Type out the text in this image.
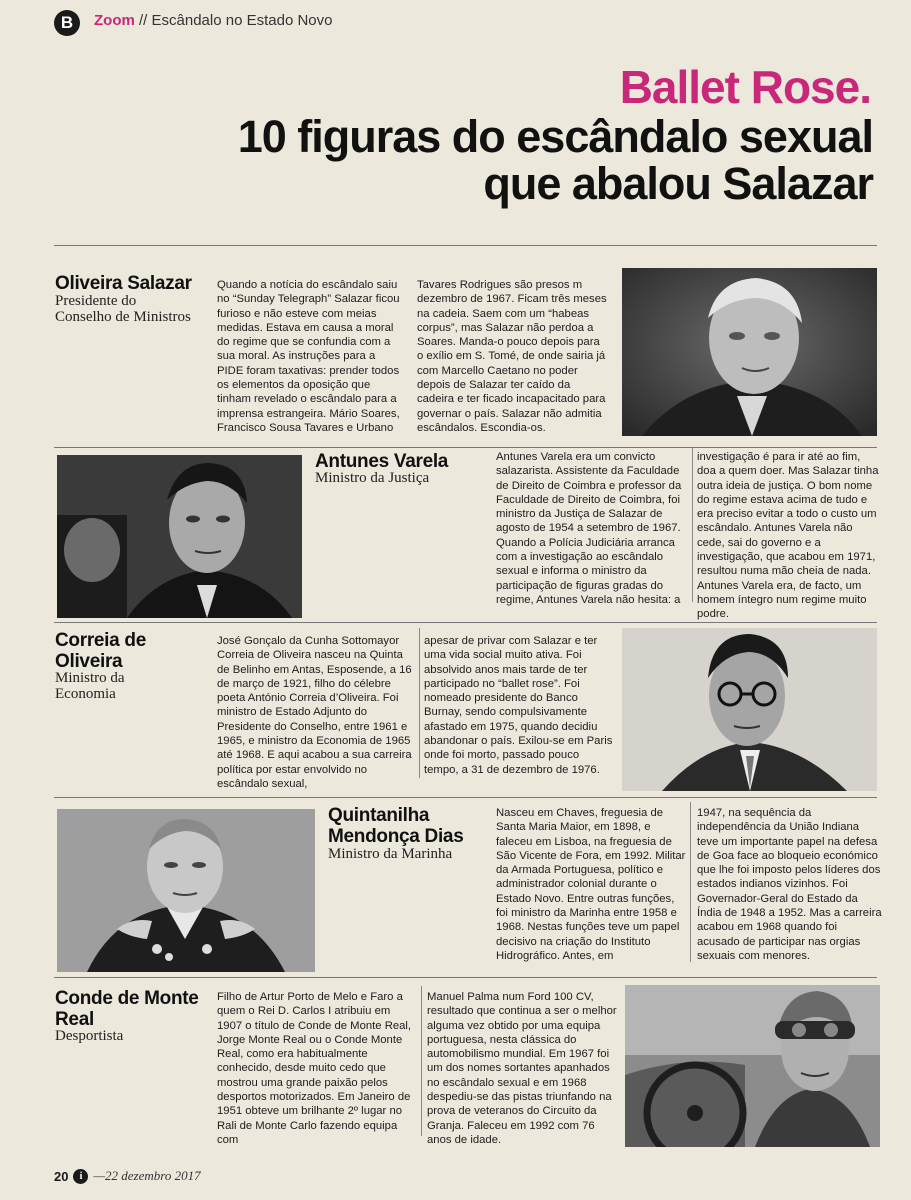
B	Zoom // Escândalo no Estado Novo
Ballet Rose.
10 figuras do escândalo sexual que abalou Salazar
Oliveira Salazar
Presidente do Conselho de Ministros
Quando a notícia do escândalo saiu no “Sunday Telegraph” Salazar ficou furioso e não esteve com meias medidas. Estava em causa a moral do regime que se confundia com a sua moral. As instruções para a PIDE foram taxativas: prender todos os elementos da oposição que tinham revelado o escândalo para a imprensa estrangeira. Mário Soares, Francisco Sousa Tavares e Urbano
Tavares Rodrigues são presos m dezembro de 1967. Ficam três meses na cadeia. Saem com um “habeas corpus”, mas Salazar não perdoa a Soares. Manda-o pouco depois para o exílio em S. Tomé, de onde sairia já com Marcello Caetano no poder depois de Salazar ter caído da cadeira e ter ficado incapacitado para governar o país. Salazar não admitia escândalos. Escondia-os.
Antunes Varela
Ministro da Justiça
Antunes Varela era um convicto salazarista. Assistente da Faculdade de Direito de Coimbra e professor da Faculdade de Direito de Coimbra, foi ministro da Justiça de Salazar de agosto de 1954 a setembro de 1967. Quando a Polícia Judiciária arranca com a investigação ao escândalo sexual e informa o ministro da participação de figuras gradas do regime, Antunes Varela não hesita: a
investigação é para ir até ao fim, doa a quem doer. Mas Salazar tinha outra ideia de justiça. O bom nome do regime estava acima de tudo e era preciso evitar a todo o custo um escândalo. Antunes Varela não cede, sai do governo e a investigação, que acabou em 1971, resultou numa mão cheia de nada. Antunes Varela era, de facto, um homem íntegro num regime muito podre.
Correia de Oliveira
Ministro da Economia
José Gonçalo da Cunha Sottomayor Correia de Oliveira nasceu na Quinta de Belinho em Antas, Esposende, a 16 de março de 1921, filho do célebre poeta António Correia d’Oliveira. Foi ministro de Estado Adjunto do Presidente do Conselho, entre 1961 e 1965, e ministro da Economia de 1965 até 1968. E aqui acabou a sua carreira política por estar envolvido no escândalo sexual,
apesar de privar com Salazar e ter uma vida social muito ativa. Foi absolvido anos mais tarde de ter participado no “ballet rose”. Foi nomeado presidente do Banco Burnay, sendo compulsivamente afastado em 1975, quando decidiu abandonar o país. Exilou-se em Paris onde foi morto, passado pouco tempo, a 31 de dezembro de 1976.
Quintanilha Mendonça Dias
Ministro da Marinha
Nasceu em Chaves, freguesia de Santa Maria Maior, em 1898, e faleceu em Lisboa, na freguesia de São Vicente de Fora, em 1992. Militar da Armada Portuguesa, político e administrador colonial durante o Estado Novo. Entre outras funções, foi ministro da Marinha entre 1958 e 1968. Nestas funções teve um papel decisivo na criação do Instituto Hidrográfico. Antes, em
1947, na sequência da independência da União Indiana teve um importante papel na defesa de Goa face ao bloqueio económico que lhe foi imposto pelos líderes dos estados indianos vizinhos. Foi Governador-Geral do Estado da Índia de 1948 a 1952. Mas a carreira acabou em 1968 quando foi acusado de participar nas orgias sexuais com menores.
Conde de Monte Real
Desportista
Filho de Artur Porto de Melo e Faro a quem o Rei D. Carlos I atribuiu em 1907 o título de Conde de Monte Real, Jorge Monte Real ou o Conde Monte Real, como era habitualmente conhecido, desde muito cedo que mostrou uma grande paixão pelos desportos motorizados. Em Janeiro de 1951 obteve um brilhante 2º lugar no Rali de Monte Carlo fazendo equipa com
Manuel Palma num Ford 100 CV, resultado que continua a ser o melhor alguma vez obtido por uma equipa portuguesa, nesta clássica do automobilismo mundial. Em 1967 foi um dos nomes sortantes apanhados no escândalo sexual e em 1968 despediu-se das pistas triunfando na prova de veteranos do Circuito da Granja. Faleceu em 1992 com 76 anos de idade.
20	i —22 dezembro 2017
